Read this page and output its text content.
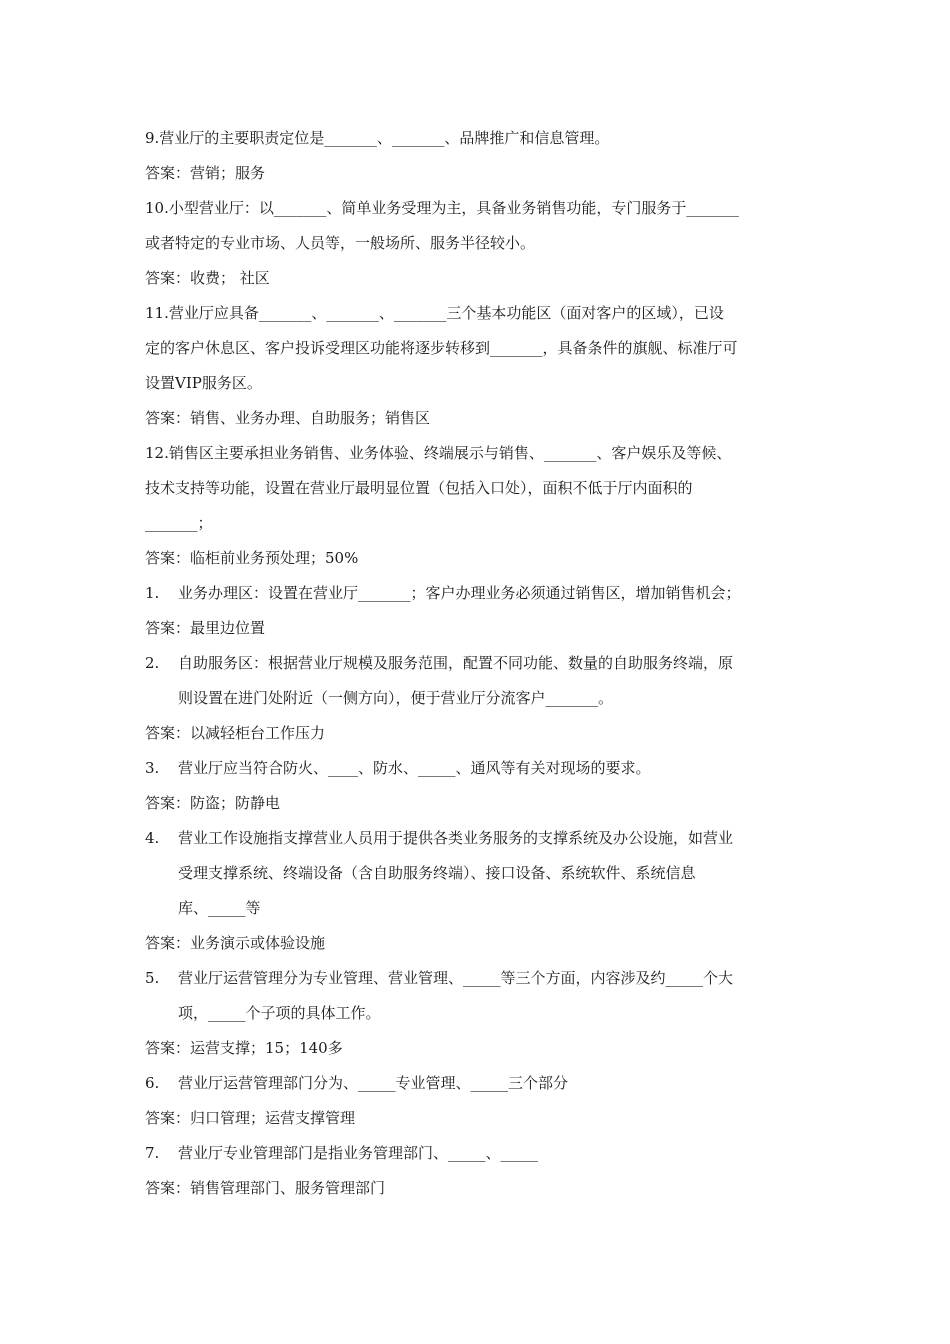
9.营业厅的主要职责定位是_______、_______、品牌推广和信息管理。
答案：营销；服务
10.小型营业厅：以_______、简单业务受理为主，具备业务销售功能，专门服务于_______
或者特定的专业市场、人员等，一般场所、服务半径较小。
答案：收费； 社区
11.营业厅应具备_______、_______、_______三个基本功能区（面对客户的区域），已设
定的客户休息区、客户投诉受理区功能将逐步转移到_______，具备条件的旗舰、标准厅可
设置VIP服务区。
答案：销售、业务办理、自助服务；销售区
12.销售区主要承担业务销售、业务体验、终端展示与销售、_______、客户娱乐及等候、
技术支持等功能，设置在营业厅最明显位置（包括入口处），面积不低于厅内面积的
_______；
答案：临柜前业务预处理；50%
1. 业务办理区：设置在营业厅_______；客户办理业务必须通过销售区，增加销售机会；
答案：最里边位置
2. 自助服务区：根据营业厅规模及服务范围，配置不同功能、数量的自助服务终端，原
则设置在进门处附近（一侧方向），便于营业厅分流客户_______。
答案：以减轻柜台工作压力
3. 营业厅应当符合防火、____、防水、_____、通风等有关对现场的要求。
答案：防盗；防静电
4. 营业工作设施指支撑营业人员用于提供各类业务服务的支撑系统及办公设施，如营业
受理支撑系统、终端设备（含自助服务终端）、接口设备、系统软件、系统信息
库、_____等
答案：业务演示或体验设施
5. 营业厅运营管理分为专业管理、营业管理、_____等三个方面，内容涉及约_____个大
项，_____个子项的具体工作。
答案：运营支撑；15；140多
6. 营业厅运营管理部门分为、_____专业管理、_____三个部分
答案：归口管理；运营支撑管理
7. 营业厅专业管理部门是指业务管理部门、_____、_____
答案：销售管理部门、服务管理部门
